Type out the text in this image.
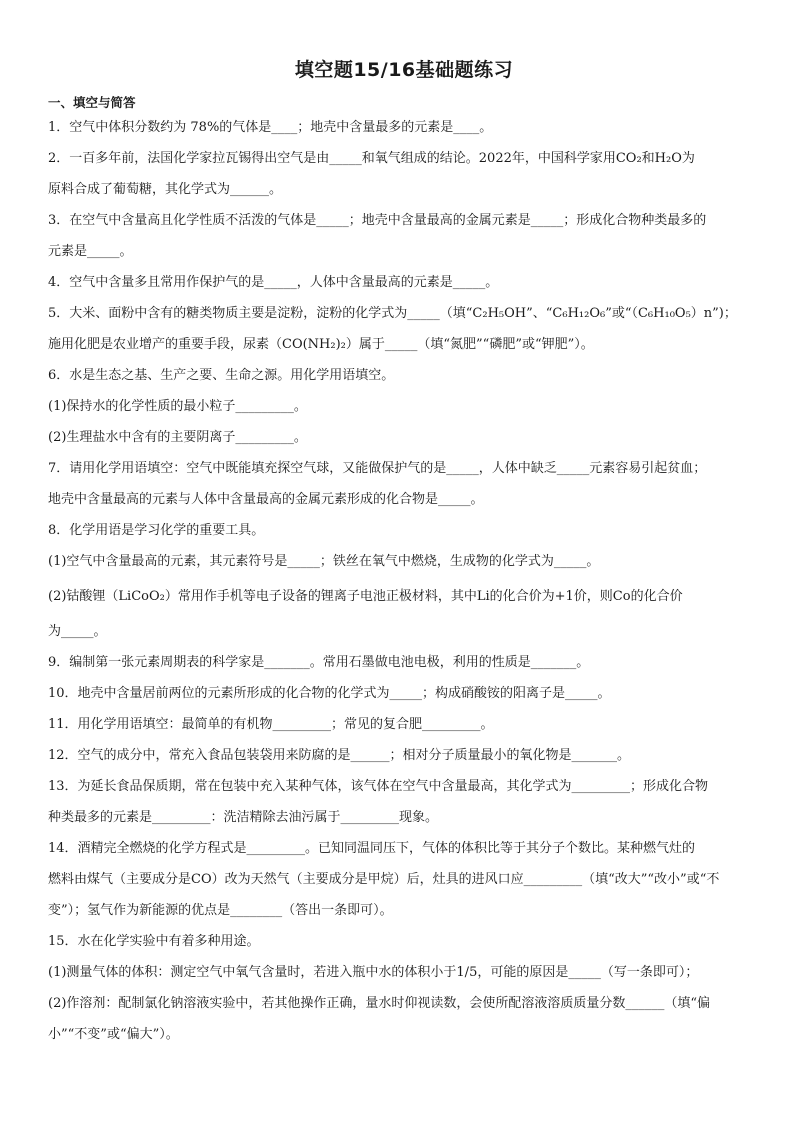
填空题15/16基础题练习
一、填空与简答
1．空气中体积分数约为 78%的气体是____；地壳中含量最多的元素是____。
2．一百多年前，法国化学家拉瓦锡得出空气是由_____和氧气组成的结论。2022年，中国科学家用CO₂和H₂O为
原料合成了葡萄糖，其化学式为______。
3．在空气中含量高且化学性质不活泼的气体是_____；地壳中含量最高的金属元素是_____；形成化合物种类最多的
元素是_____。
4．空气中含量多且常用作保护气的是_____，人体中含量最高的元素是_____。
5．大米、面粉中含有的糖类物质主要是淀粉，淀粉的化学式为_____（填“C₂H₅OH”、“C₆H₁₂O₆”或“（C₆H₁₀O₅）n”)；
施用化肥是农业增产的重要手段，尿素（CO(NH₂)₂）属于_____（填“氮肥”“磷肥”或“钾肥”）。
6．水是生态之基、生产之要、生命之源。用化学用语填空。
(1)保持水的化学性质的最小粒子_________。
(2)生理盐水中含有的主要阴离子_________。
7．请用化学用语填空：空气中既能填充探空气球，又能做保护气的是_____，人体中缺乏_____元素容易引起贫血；
地壳中含量最高的元素与人体中含量最高的金属元素形成的化合物是_____。
8．化学用语是学习化学的重要工具。
(1)空气中含量最高的元素，其元素符号是_____；铁丝在氧气中燃烧，生成物的化学式为_____。
(2)钴酸锂（LiCoO₂）常用作手机等电子设备的锂离子电池正极材料，其中Li的化合价为+1价，则Co的化合价
为_____。
9．编制第一张元素周期表的科学家是_______。常用石墨做电池电极，利用的性质是_______。
10．地壳中含量居前两位的元素所形成的化合物的化学式为_____；构成硝酸铵的阳离子是_____。
11．用化学用语填空：最简单的有机物_________；常见的复合肥_________。
12．空气的成分中，常充入食品包装袋用来防腐的是______；相对分子质量最小的氧化物是_______。
13．为延长食品保质期，常在包装中充入某种气体，该气体在空气中含量最高，其化学式为_________；形成化合物
种类最多的元素是_________：洗洁精除去油污属于_________现象。
14．酒精完全燃烧的化学方程式是_________。已知同温同压下，气体的体积比等于其分子个数比。某种燃气灶的
燃料由煤气（主要成分是CO）改为天然气（主要成分是甲烷）后，灶具的进风口应_________（填“改大”“改小”或“不
变”）；氢气作为新能源的优点是________（答出一条即可）。
15．水在化学实验中有着多种用途。
(1)测量气体的体积：测定空气中氧气含量时，若进入瓶中水的体积小于1/5，可能的原因是_____（写一条即可）；
(2)作溶剂：配制氯化钠溶液实验中，若其他操作正确，量水时仰视读数，会使所配溶液溶质质量分数______（填“偏
小”“不变”或“偏大”）。
